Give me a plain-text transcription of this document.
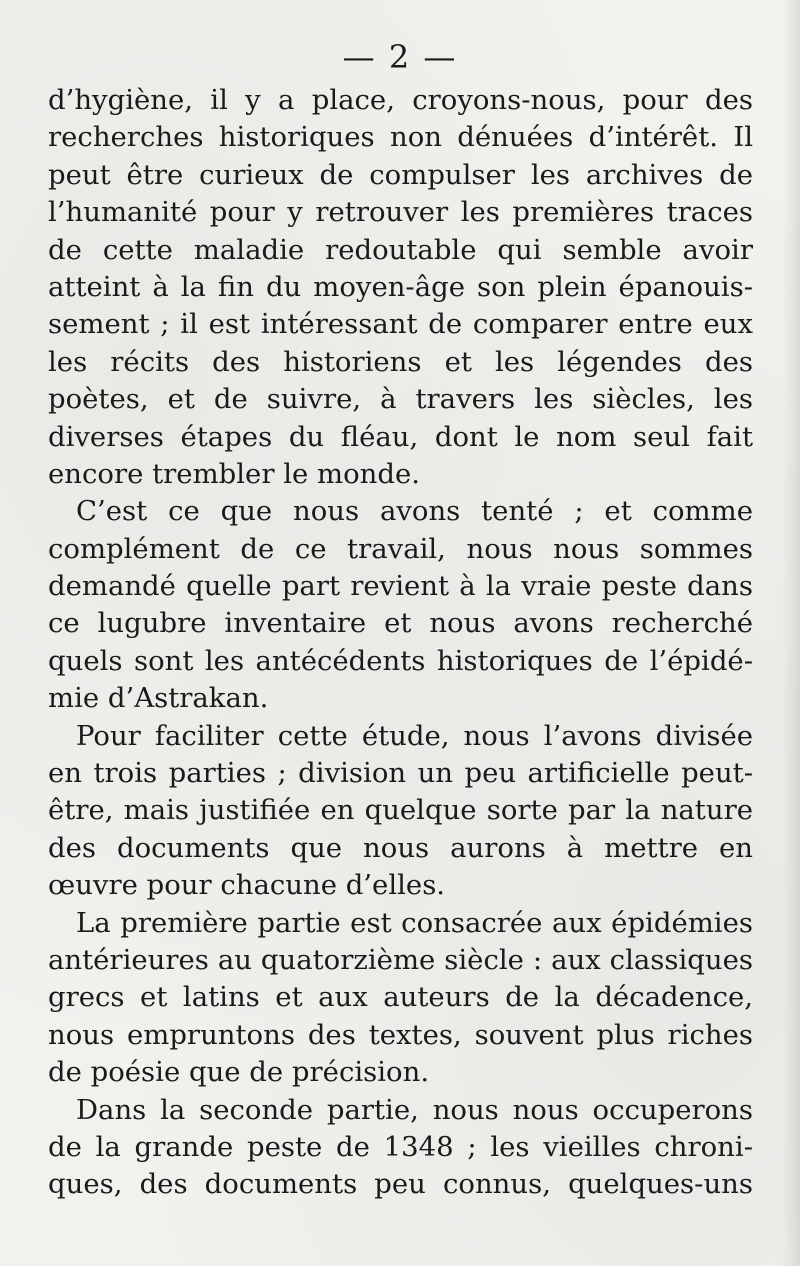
— 2 —
d’hygiène, il y a place, croyons-nous, pour des
recherches historiques non dénuées d’intérêt. Il
peut être curieux de compulser les archives de
l’humanité pour y retrouver les premières traces
de cette maladie redoutable qui semble avoir
atteint à la fin du moyen-âge son plein épanouis-
sement ; il est intéressant de comparer entre eux
les récits des historiens et les légendes des
poètes, et de suivre, à travers les siècles, les
diverses étapes du fléau, dont le nom seul fait
encore trembler le monde.
C’est ce que nous avons tenté ; et comme
complément de ce travail, nous nous sommes
demandé quelle part revient à la vraie peste dans
ce lugubre inventaire et nous avons recherché
quels sont les antécédents historiques de l’épidé-
mie d’Astrakan.
Pour faciliter cette étude, nous l’avons divisée
en trois parties ; division un peu artificielle peut-
être, mais justifiée en quelque sorte par la nature
des documents que nous aurons à mettre en
œuvre pour chacune d’elles.
La première partie est consacrée aux épidémies
antérieures au quatorzième siècle : aux classiques
grecs et latins et aux auteurs de la décadence,
nous empruntons des textes, souvent plus riches
de poésie que de précision.
Dans la seconde partie, nous nous occuperons
de la grande peste de 1348 ; les vieilles chroni-
ques, des documents peu connus, quelques-uns
